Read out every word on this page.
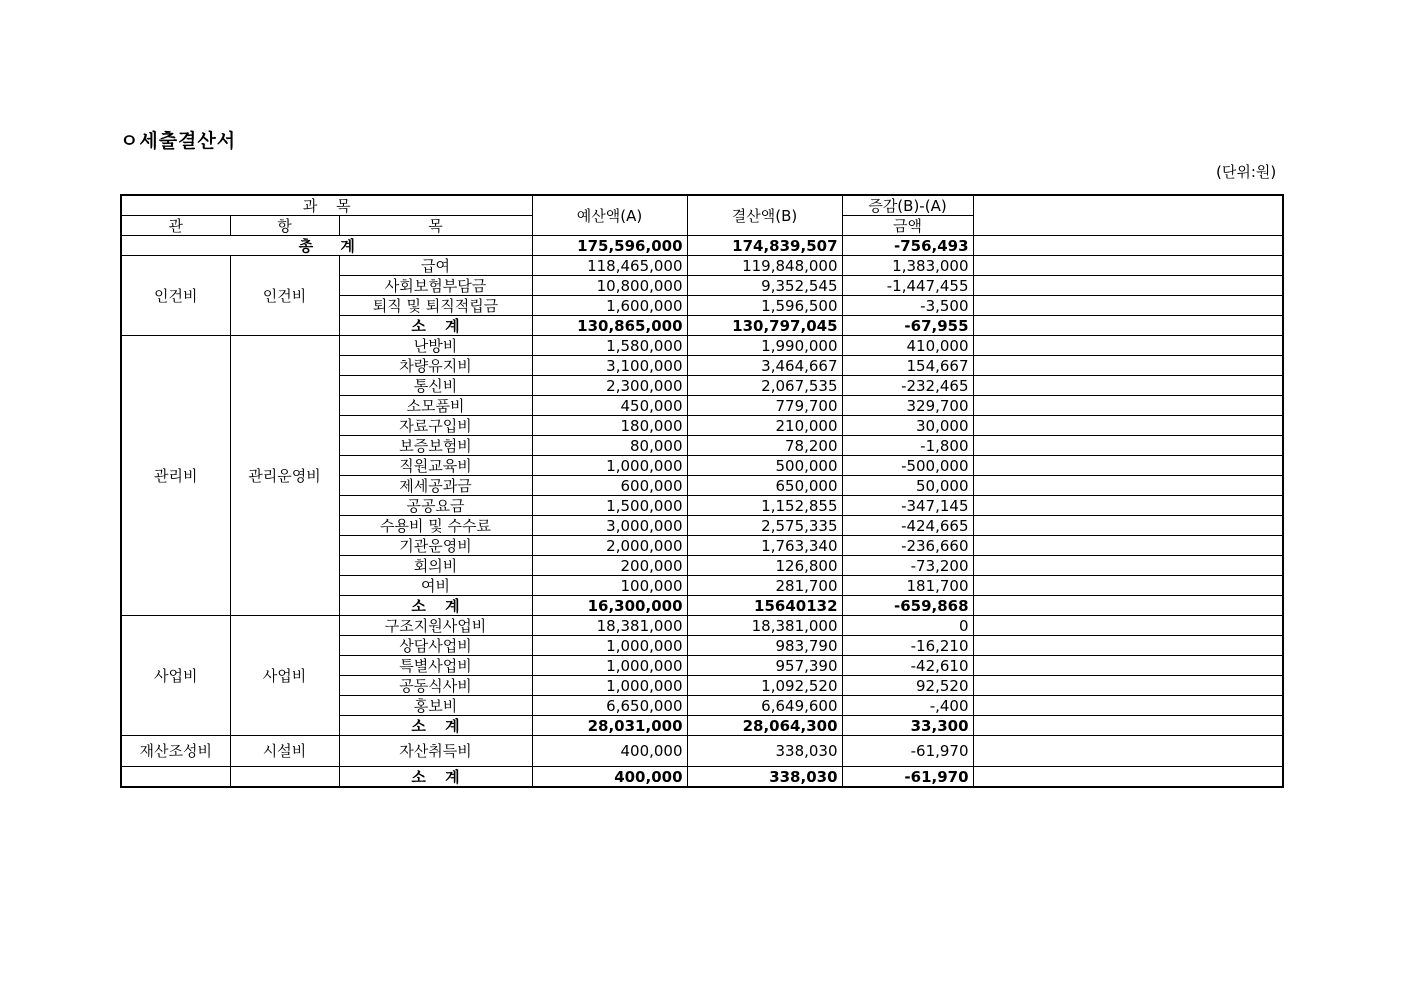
ㅇ세출결산서
(단위:원)
과 목			예산액(A)	결산액(B)	증감(B)-(A)	
관	항	목			금액	
총 계			175,596,000	174,839,507	-756,493	
인건비	인건비	급여	118,465,000	119,848,000	1,383,000	
		사회보험부담금	10,800,000	9,352,545	-1,447,455	
		퇴직 및 퇴직적립금	1,600,000	1,596,500	-3,500	
		소 계	130,865,000	130,797,045	-67,955	
관리비	관리운영비	난방비	1,580,000	1,990,000	410,000	
		차량유지비	3,100,000	3,464,667	154,667	
		통신비	2,300,000	2,067,535	-232,465	
		소모품비	450,000	779,700	329,700	
		자료구입비	180,000	210,000	30,000	
		보증보험비	80,000	78,200	-1,800	
		직원교육비	1,000,000	500,000	-500,000	
		제세공과금	600,000	650,000	50,000	
		공공요금	1,500,000	1,152,855	-347,145	
		수용비 및 수수료	3,000,000	2,575,335	-424,665	
		기관운영비	2,000,000	1,763,340	-236,660	
		회의비	200,000	126,800	-73,200	
		여비	100,000	281,700	181,700	
		소 계	16,300,000	15640132	-659,868	
사업비	사업비	구조지원사업비	18,381,000	18,381,000	0	
		상담사업비	1,000,000	983,790	-16,210	
		특별사업비	1,000,000	957,390	-42,610	
		공동식사비	1,000,000	1,092,520	92,520	
		홍보비	6,650,000	6,649,600	-,400	
		소 계	28,031,000	28,064,300	33,300	
재산조성비	시설비	자산취득비	400,000	338,030	-61,970	
		소 계	400,000	338,030	-61,970	
